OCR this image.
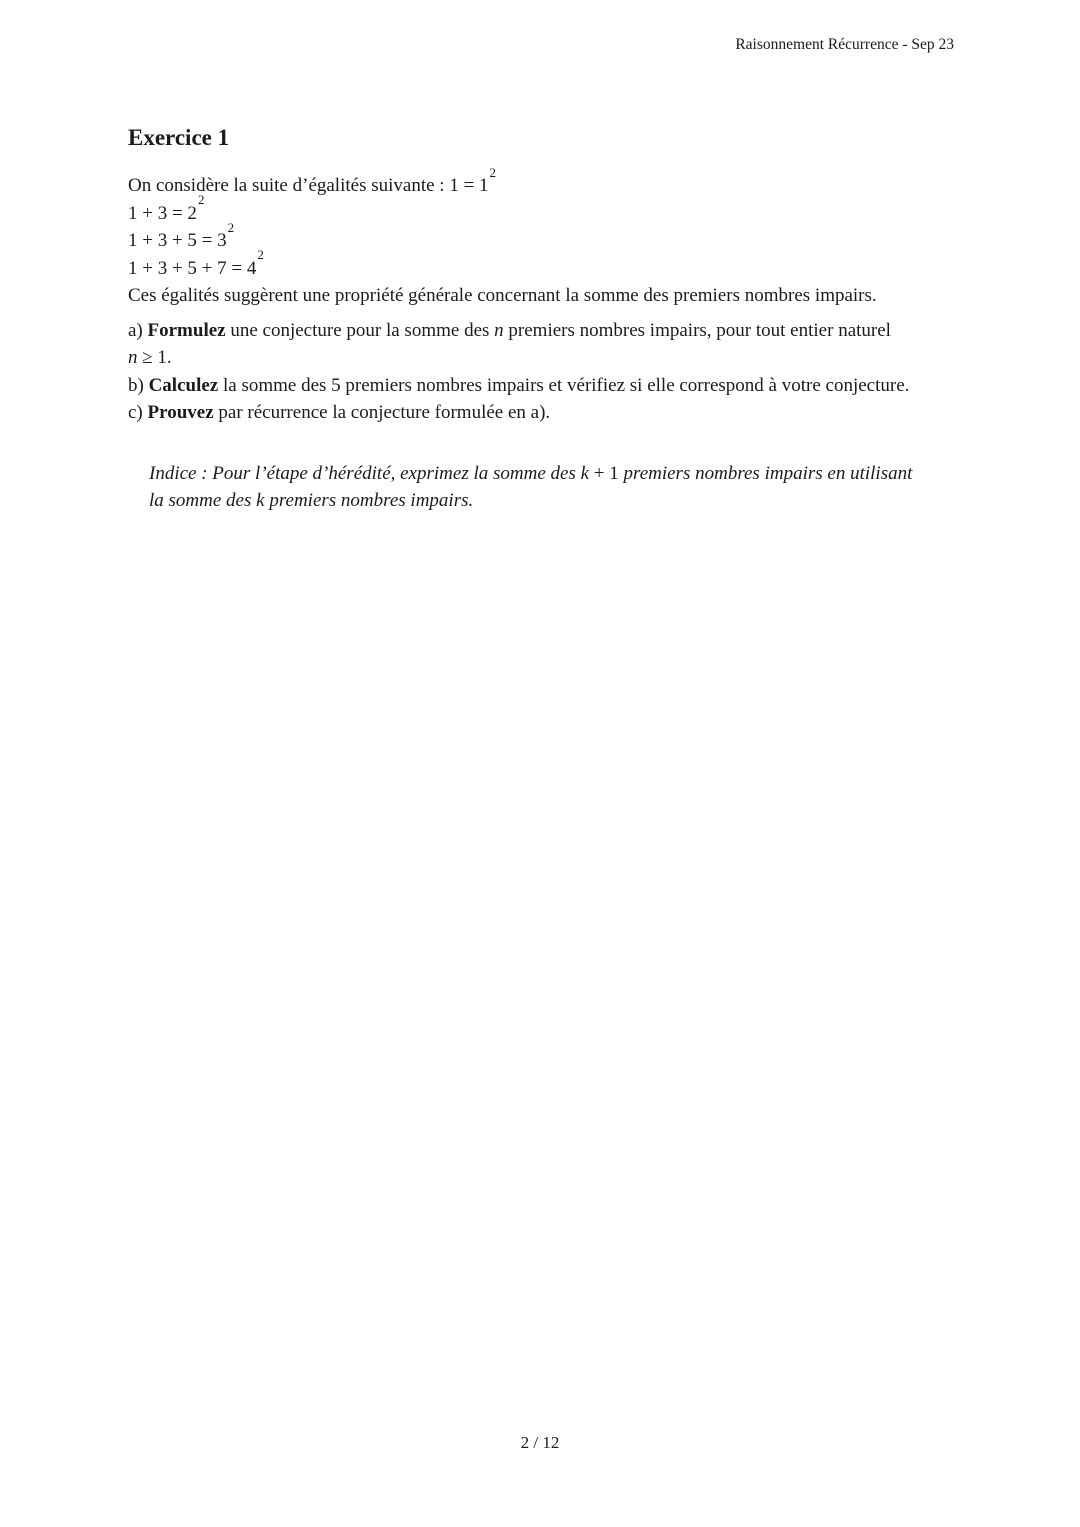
Raisonnement Récurrence - Sep 23
Exercice 1
On considère la suite d’égalités suivante : $1 = 1^2$
$1 + 3 = 2^2$
$1 + 3 + 5 = 3^2$
$1 + 3 + 5 + 7 = 4^2$
Ces égalités suggèrent une propriété générale concernant la somme des premiers nombres impairs.
a) Formulez une conjecture pour la somme des n premiers nombres impairs, pour tout entier naturel
n ≥ 1.
b) Calculez la somme des 5 premiers nombres impairs et vérifiez si elle correspond à votre conjecture.
c) Prouvez par récurrence la conjecture formulée en a).
Indice : Pour l’étape d’hérédité, exprimez la somme des k + 1 premiers nombres impairs en utilisant
la somme des k premiers nombres impairs.
2 / 12
